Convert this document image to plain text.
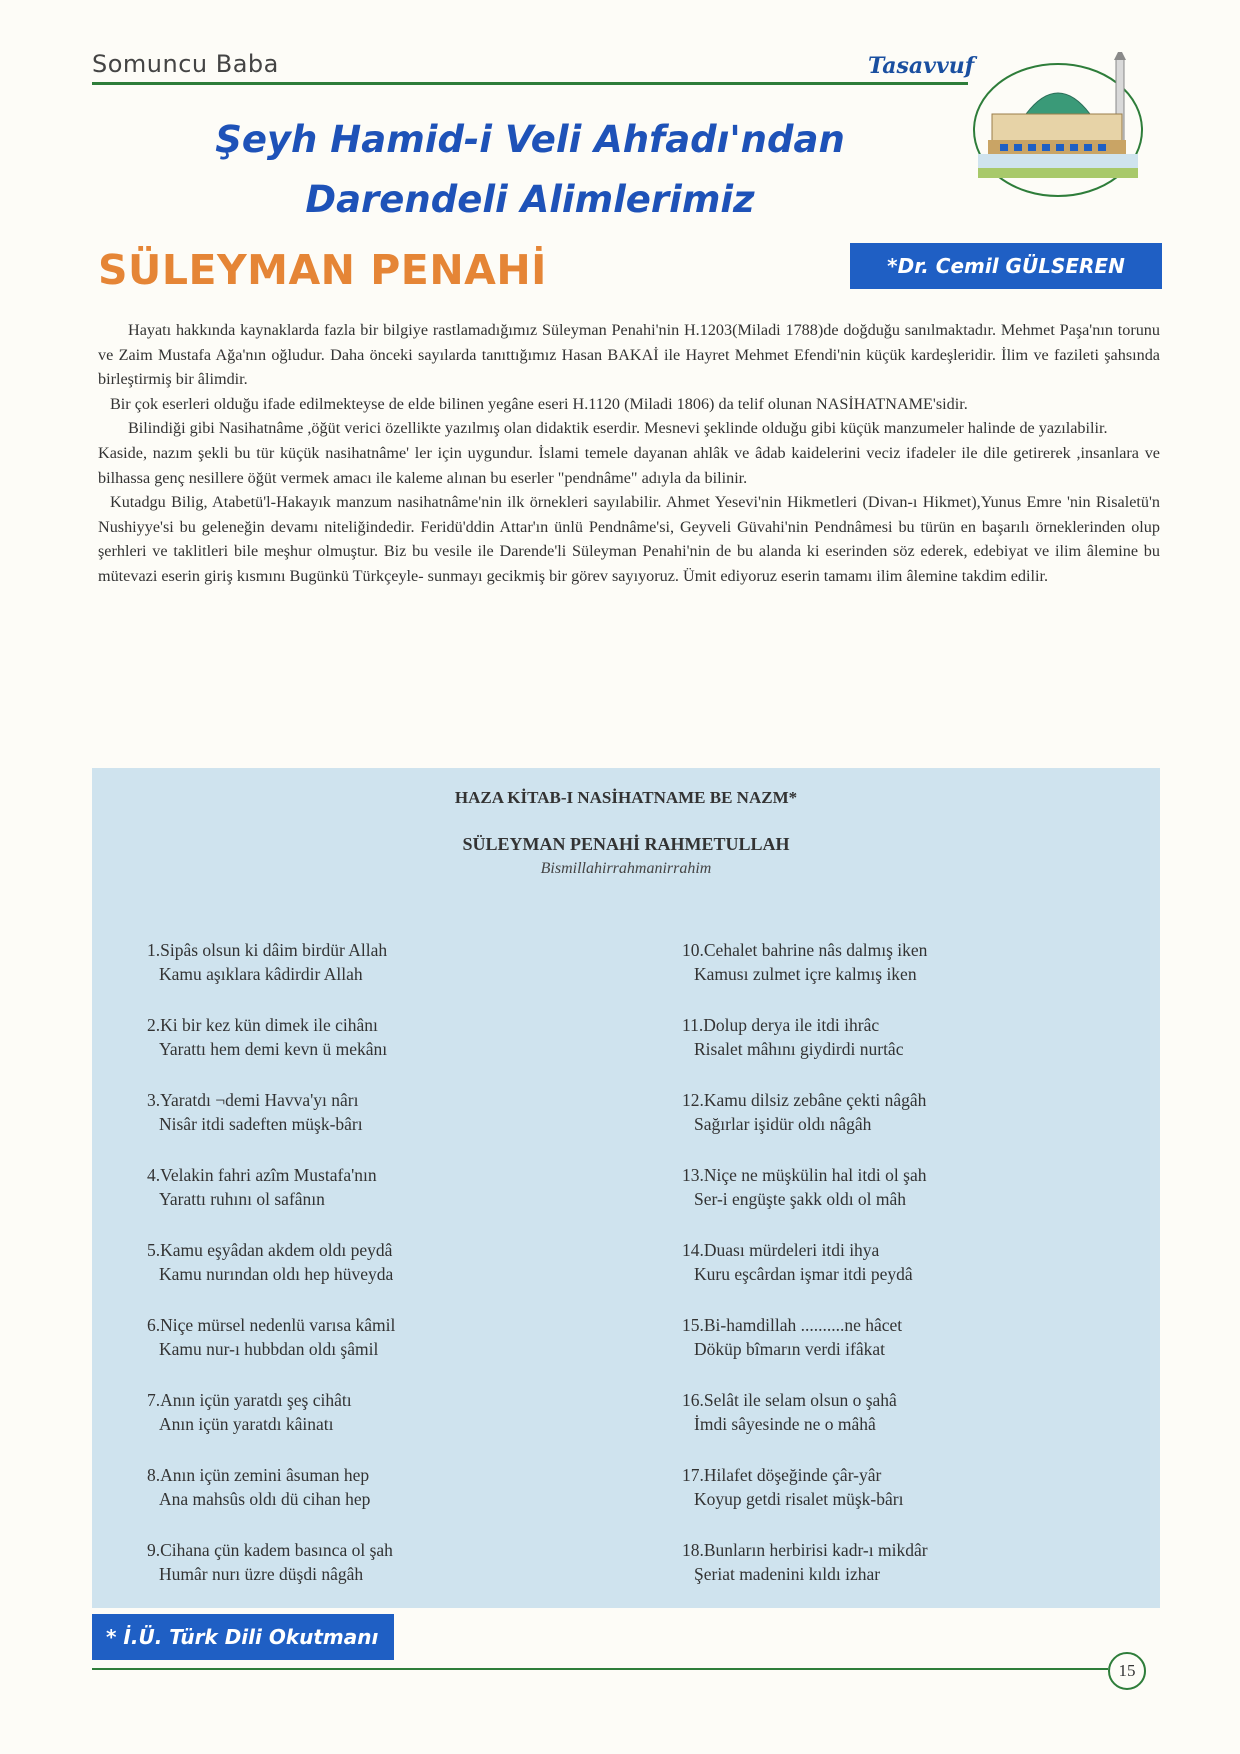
Somuncu Baba	Tasavvuf
Şeyh Hamid-i Veli Ahfadı'ndan
Darendeli Alimlerimiz
SÜLEYMAN PENAHİ	*Dr. Cemil GÜLSEREN

Hayatı hakkında kaynaklarda fazla bir bilgiye rastlamadığımız Süleyman Penahi'nin H.1203(Miladi 1788)de doğduğu sanılmaktadır. Mehmet Paşa'nın torunu ve Zaim Mustafa Ağa'nın oğludur. Daha önceki sayılarda tanıttığımız Hasan BAKAİ ile Hayret Mehmet Efendi'nin küçük kardeşleridir. İlim ve fazileti şahsında birleştirmiş bir âlimdir.

Bir çok eserleri olduğu ifade edilmekteyse de elde bilinen yegâne eseri H.1120 (Miladi 1806) da telif olunan NASİHATNAME'sidir.

Bilindiği gibi Nasihatnâme ,öğüt verici özellikte yazılmış olan didaktik eserdir. Mesnevi şeklinde olduğu gibi küçük manzumeler halinde de yazılabilir.

Kaside, nazım şekli bu tür küçük nasihatnâme' ler için uygundur. İslami temele dayanan ahlâk ve âdab kaidelerini veciz ifadeler ile dile getirerek ,insanlara ve bilhassa genç nesillere öğüt vermek amacı ile kaleme alınan bu eserler "pendnâme" adıyla da bilinir.

Kutadgu Bilig, Atabetü'l-Hakayık manzum nasihatnâme'nin ilk örnekleri sayılabilir. Ahmet Yesevi'nin Hikmetleri (Divan-ı Hikmet),Yunus Emre 'nin Risaletü'n Nushiyye'si bu geleneğin devamı niteliğindedir. Feridü'ddin Attar'ın ünlü Pendnâme'si, Geyveli Güvahi'nin Pendnâmesi bu türün en başarılı örneklerinden olup şerhleri ve taklitleri bile meşhur olmuştur. Biz bu vesile ile Darende'li Süleyman Penahi'nin de bu alanda ki eserinden söz ederek, edebiyat ve ilim âlemine bu mütevazi eserin giriş kısmını Bugünkü Türkçeyle- sunmayı gecikmiş bir görev sayıyoruz. Ümit ediyoruz eserin tamamı ilim âlemine takdim edilir.

HAZA KİTAB-I NASİHATNAME BE NAZM*
SÜLEYMAN PENAHİ RAHMETULLAH
Bismillahirrahmanirrahim
1.Sipâs olsun ki dâim birdür Allah
Kamu aşıklara kâdirdir Allah
2.Ki bir kez kün dimek ile cihânı
Yarattı hem demi kevn ü mekânı
3.Yaratdı ¬demi Havva'yı nârı
Nisâr itdi sadeften müşk-bârı
4.Velakin fahri azîm Mustafa'nın
Yarattı ruhını ol safânın
5.Kamu eşyâdan akdem oldı peydâ
Kamu nurından oldı hep hüveyda
6.Niçe mürsel nedenlü varısa kâmil
Kamu nur-ı hubbdan oldı şâmil
7.Anın içün yaratdı şeş cihâtı
Anın içün yaratdı kâinatı
8.Anın içün zemini âsuman hep
Ana mahsûs oldı dü cihan hep
9.Cihana çün kadem basınca ol şah
Humâr nurı üzre düşdi nâgâh
10.Cehalet bahrine nâs dalmış iken
Kamusı zulmet içre kalmış iken
11.Dolup derya ile itdi ihrâc
Risalet mâhını giydirdi nurtâc
12.Kamu dilsiz zebâne çekti nâgâh
Sağırlar işidür oldı nâgâh
13.Niçe ne müşkülin hal itdi ol şah
Ser-i engüşte şakk oldı ol mâh
14.Duası mürdeleri itdi ihya
Kuru eşcârdan işmar itdi peydâ
15.Bi-hamdillah ..........ne hâcet
Döküp bîmarın verdi ifâkat
16.Selât ile selam olsun o şahâ
İmdi sâyesinde ne o mâhâ
17.Hilafet döşeğinde çâr-yâr
Koyup getdi risalet müşk-bârı
18.Bunların herbirisi kadr-ı mikdâr
Şeriat madenini kıldı izhar
* İ.Ü. Türk Dili Okutmanı
15
